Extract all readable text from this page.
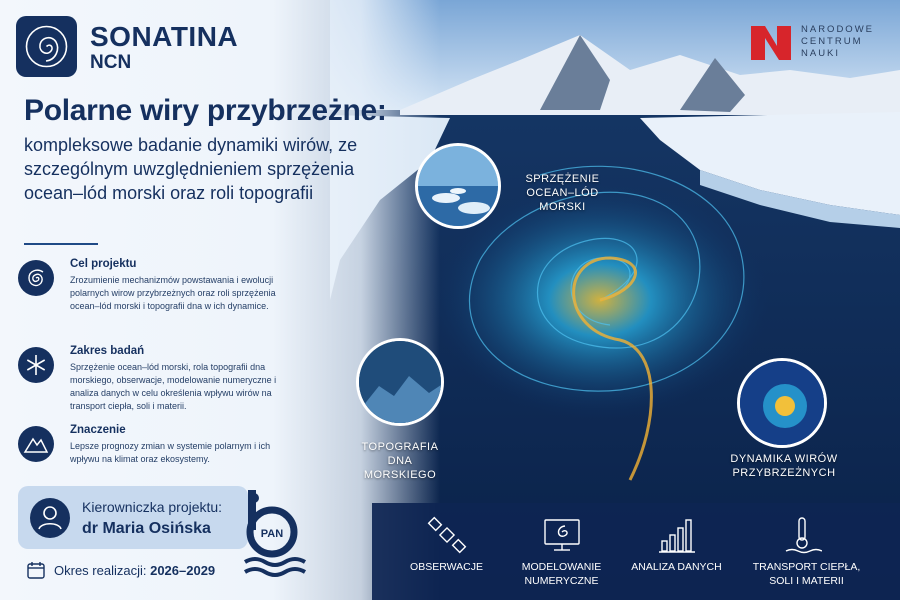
SONATINA
NCN
Polarne wiry przybrzeżne:
kompleksowe badanie dynamiki wirów, ze szczególnym uwzględnieniem sprzężenia ocean–lód morski oraz roli topografii
Cel projektu
Zrozumienie mechanizmów powstawania i ewolucji polarnych wirow przybrzeżnych oraz roli sprzężenia ocean–lód morski i topografii dna w ich dynamice.
Zakres badań
Sprzężenie ocean–lód morski, rola topografii dna morskiego, obserwacje, modelowanie numeryczne i analiza danych w celu określenia wpływu wirów na transport ciepła, soli i materii.
Znaczenie
Lepsze prognozy zmian w systemie polarnym i ich wpływu na klimat oraz ekosystemy.
Kierowniczka projektu:
dr Maria Osińska
Okres realizacji: 2026–2029
PAN
NARODOWE
CENTRUM
NAUKI
SPRZĘŻENIE OCEAN–LÓD MORSKI
TOPOGRAFIA DNA MORSKIEGO
DYNAMIKA WIRÓW PRZYBRZEŻNYCH
OBSERWACJE	MODELOWANIE NUMERYCZNE
ANALIZA DANYCH	TRANSPORT CIEPŁA, SOLI I MATERII
